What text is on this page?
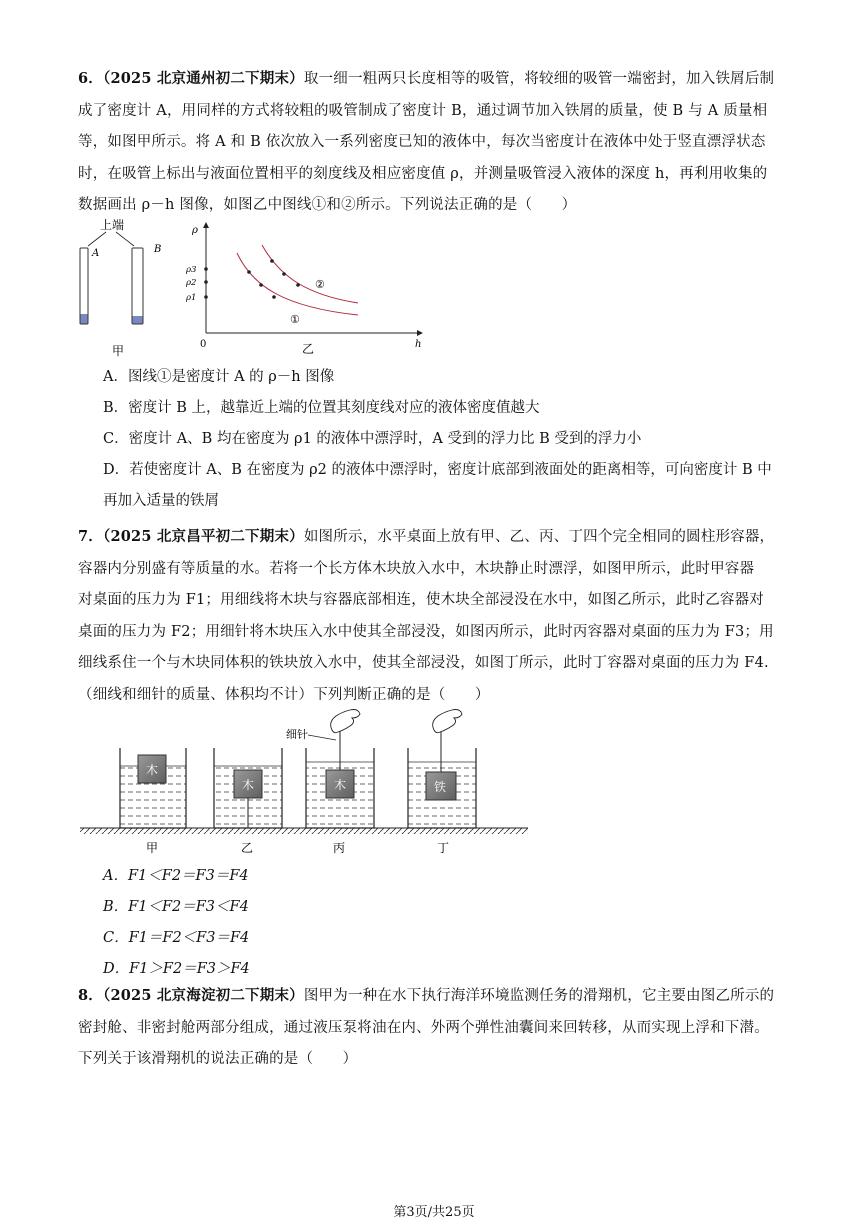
6．（2025 北京通州初二下期末）取一细一粗两只长度相等的吸管，将较细的吸管一端密封，加入铁屑后制
成了密度计 A，用同样的方式将较粗的吸管制成了密度计 B，通过调节加入铁屑的质量，使 B 与 A 质量相
等，如图甲所示。将 A 和 B 依次放入一系列密度已知的液体中，每次当密度计在液体中处于竖直漂浮状态
时，在吸管上标出与液面位置相平的刻度线及相应密度值 ρ，并测量吸管浸入液体的深度 h，再利用收集的
数据画出 ρ－h 图像，如图乙中图线①和②所示。下列说法正确的是（　　）
上端
A	B
甲
ρ
h
0
ρ3
ρ2
ρ1
①
②
乙
A．图线①是密度计 A 的 ρ－h 图像
B．密度计 B 上，越靠近上端的位置其刻度线对应的液体密度值越大
C．密度计 A、B 均在密度为 ρ1 的液体中漂浮时，A 受到的浮力比 B 受到的浮力小
D．若使密度计 A、B 在密度为 ρ2 的液体中漂浮时，密度计底部到液面处的距离相等，可向密度计 B 中
再加入适量的铁屑
7．（2025 北京昌平初二下期末）如图所示，水平桌面上放有甲、乙、丙、丁四个完全相同的圆柱形容器，
容器内分别盛有等质量的水。若将一个长方体木块放入水中，木块静止时漂浮，如图甲所示，此时甲容器
对桌面的压力为 F1；用细线将木块与容器底部相连，使木块全部浸没在水中，如图乙所示，此时乙容器对
桌面的压力为 F2；用细针将木块压入水中使其全部浸没，如图丙所示，此时丙容器对桌面的压力为 F3；用
细线系住一个与木块同体积的铁块放入水中，使其全部浸没，如图丁所示，此时丁容器对桌面的压力为 F4.
（细线和细针的质量、体积均不计）下列判断正确的是（　　）
木
木	木
细针
铁
甲	乙	丙	丁
A．F1＜F2＝F3＝F4
B．F1＜F2＝F3＜F4
C．F1＝F2＜F3＝F4
D．F1＞F2＝F3＞F4
8．（2025 北京海淀初二下期末）图甲为一种在水下执行海洋环境监测任务的滑翔机，它主要由图乙所示的
密封舱、非密封舱两部分组成，通过液压泵将油在内、外两个弹性油囊间来回转移，从而实现上浮和下潜。
下列关于该滑翔机的说法正确的是（　　）
第3页/共25页
